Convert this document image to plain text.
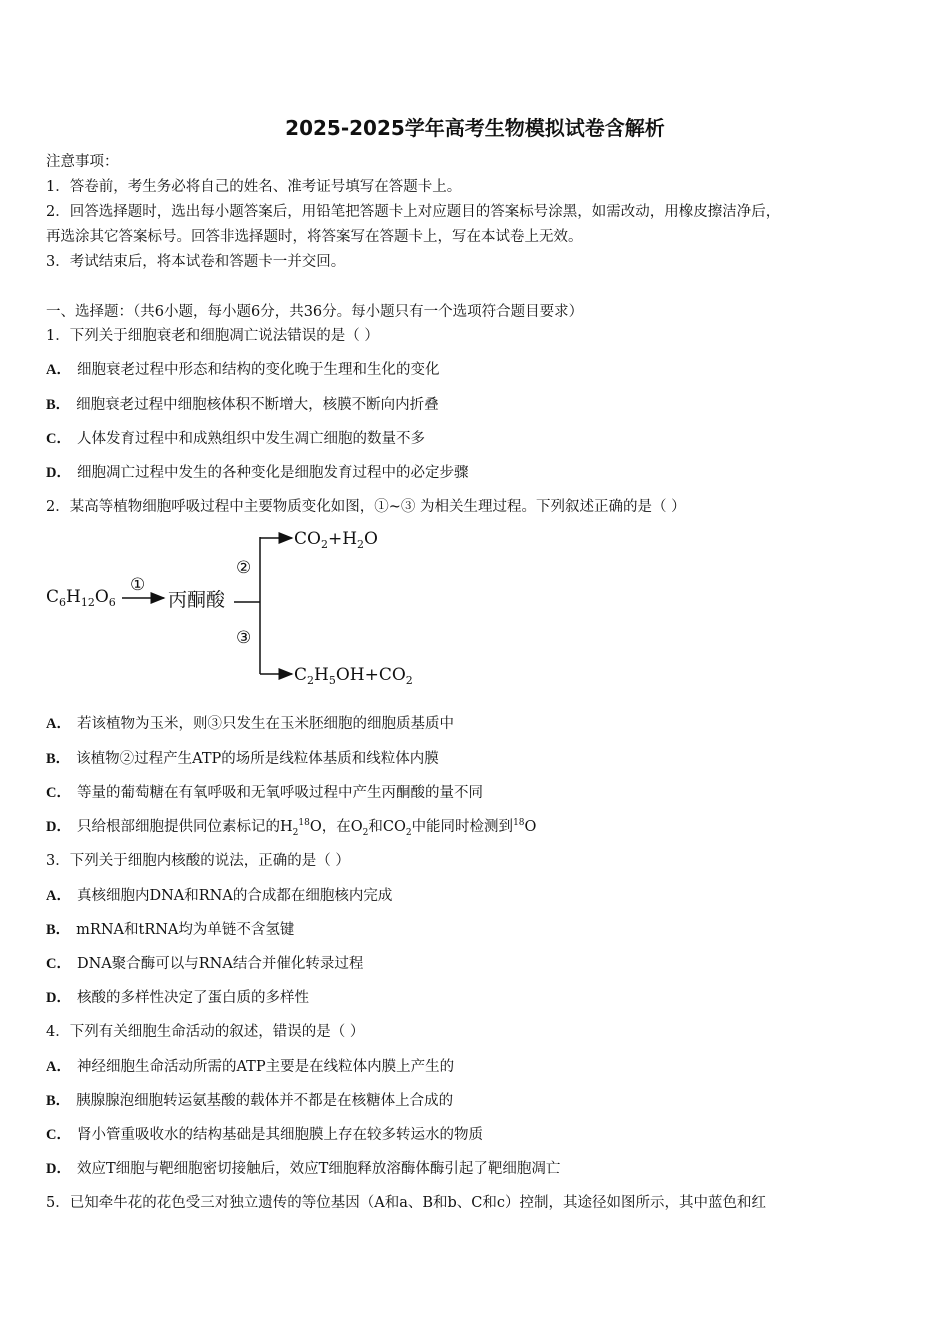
2025-2025学年高考生物模拟试卷含解析
注意事项：
1．答卷前，考生务必将自己的姓名、准考证号填写在答题卡上。
2．回答选择题时，选出每小题答案后，用铅笔把答题卡上对应题目的答案标号涂黑，如需改动，用橡皮擦洁净后，
再选涂其它答案标号。回答非选择题时，将答案写在答题卡上，写在本试卷上无效。
3．考试结束后，将本试卷和答题卡一并交回。
一、选择题：（共6小题，每小题6分，共36分。每小题只有一个选项符合题目要求）
1．下列关于细胞衰老和细胞凋亡说法错误的是（ ）
A． 细胞衰老过程中形态和结构的变化晚于生理和生化的变化
B． 细胞衰老过程中细胞核体积不断增大，核膜不断向内折叠
C． 人体发育过程中和成熟组织中发生凋亡细胞的数量不多
D． 细胞凋亡过程中发生的各种变化是细胞发育过程中的必定步骤
2．某高等植物细胞呼吸过程中主要物质变化如图，①~③ 为相关生理过程。下列叙述正确的是（ ）
$C_6H_{12}O_6$
①
丙酮酸
②
③
$CO_2+H_2O$
$C_2H_5OH+CO_2$
A． 若该植物为玉米，则③只发生在玉米胚细胞的细胞质基质中
B． 该植物②过程产生ATP的场所是线粒体基质和线粒体内膜
C． 等量的葡萄糖在有氧呼吸和无氧呼吸过程中产生丙酮酸的量不同
D． 只给根部细胞提供同位素标记的$H_2^{18}O$，在$O_2$和$CO_2$中能同时检测到$^{18}$O
3．下列关于细胞内核酸的说法，正确的是（ ）
A． 真核细胞内DNA和RNA的合成都在细胞核内完成
B． mRNA和tRNA均为单链不含氢键
C． DNA聚合酶可以与RNA结合并催化转录过程
D． 核酸的多样性决定了蛋白质的多样性
4．下列有关细胞生命活动的叙述，错误的是（ ）
A． 神经细胞生命活动所需的ATP主要是在线粒体内膜上产生的
B． 胰腺腺泡细胞转运氨基酸的载体并不都是在核糖体上合成的
C． 肾小管重吸收水的结构基础是其细胞膜上存在较多转运水的物质
D． 效应T细胞与靶细胞密切接触后，效应T细胞释放溶酶体酶引起了靶细胞凋亡
5．已知牵牛花的花色受三对独立遗传的等位基因（A和a、B和b、C和c）控制，其途径如图所示，其中蓝色和红
